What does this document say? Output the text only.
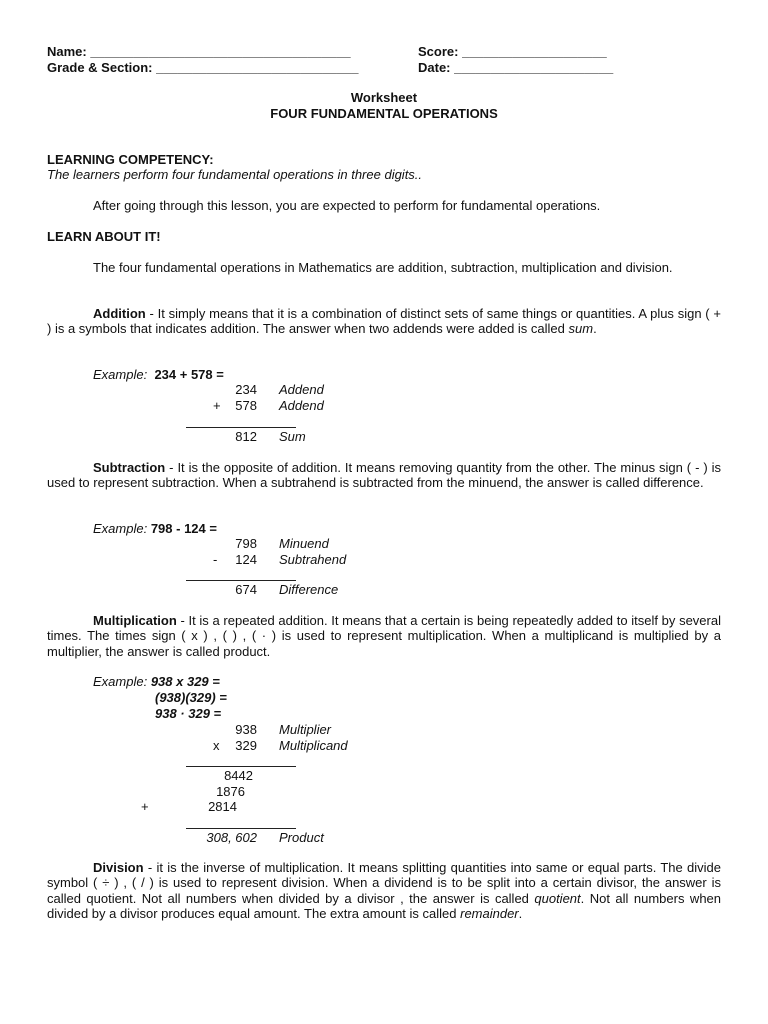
Name: ____________________________________	Score: ____________________
Grade & Section: ____________________________	Date: ______________________
Worksheet
FOUR FUNDAMENTAL OPERATIONS
LEARNING COMPETENCY:
The learners perform four fundamental operations in three digits..
After going through this lesson, you are expected to perform for fundamental operations.
LEARN ABOUT IT!
The four fundamental operations in Mathematics are addition, subtraction, multiplication and division.
Addition - It simply means that it is a combination of distinct sets of same things or quantities. A plus sign ( + ) is a symbols that indicates addition. The answer when two addends were added is called sum.
Example: 234 + 578 =
234 Addend
+	578 Addend
812 Sum
Subtraction - It is the opposite of addition. It means removing quantity from the other. The minus sign ( - ) is used to represent subtraction. When a subtrahend is subtracted from the minuend, the answer is called difference.
Example: 798 - 124 =
798 Minuend
-	124 Subtrahend
674 Difference
Multiplication - It is a repeated addition. It means that a certain is being repeatedly added to itself by several times. The times sign ( x ) , ( ) , ( · ) is used to represent multiplication. When a multiplicand is multiplied by a multiplier, the answer is called product.
Example: 938 x 329 =
(938)(329) =
938 · 329 =
938 Multiplier
x	329 Multiplicand
8442
1876
+	2814
308, 602 Product
Division - it is the inverse of multiplication. It means splitting quantities into same or equal parts. The divide symbol ( ÷ ) , ( / ) is used to represent division. When a dividend is to be split into a certain divisor, the answer is called quotient. Not all numbers when divided by a divisor , the answer is called quotient. Not all numbers when divided by a divisor produces equal amount. The extra amount is called remainder.
